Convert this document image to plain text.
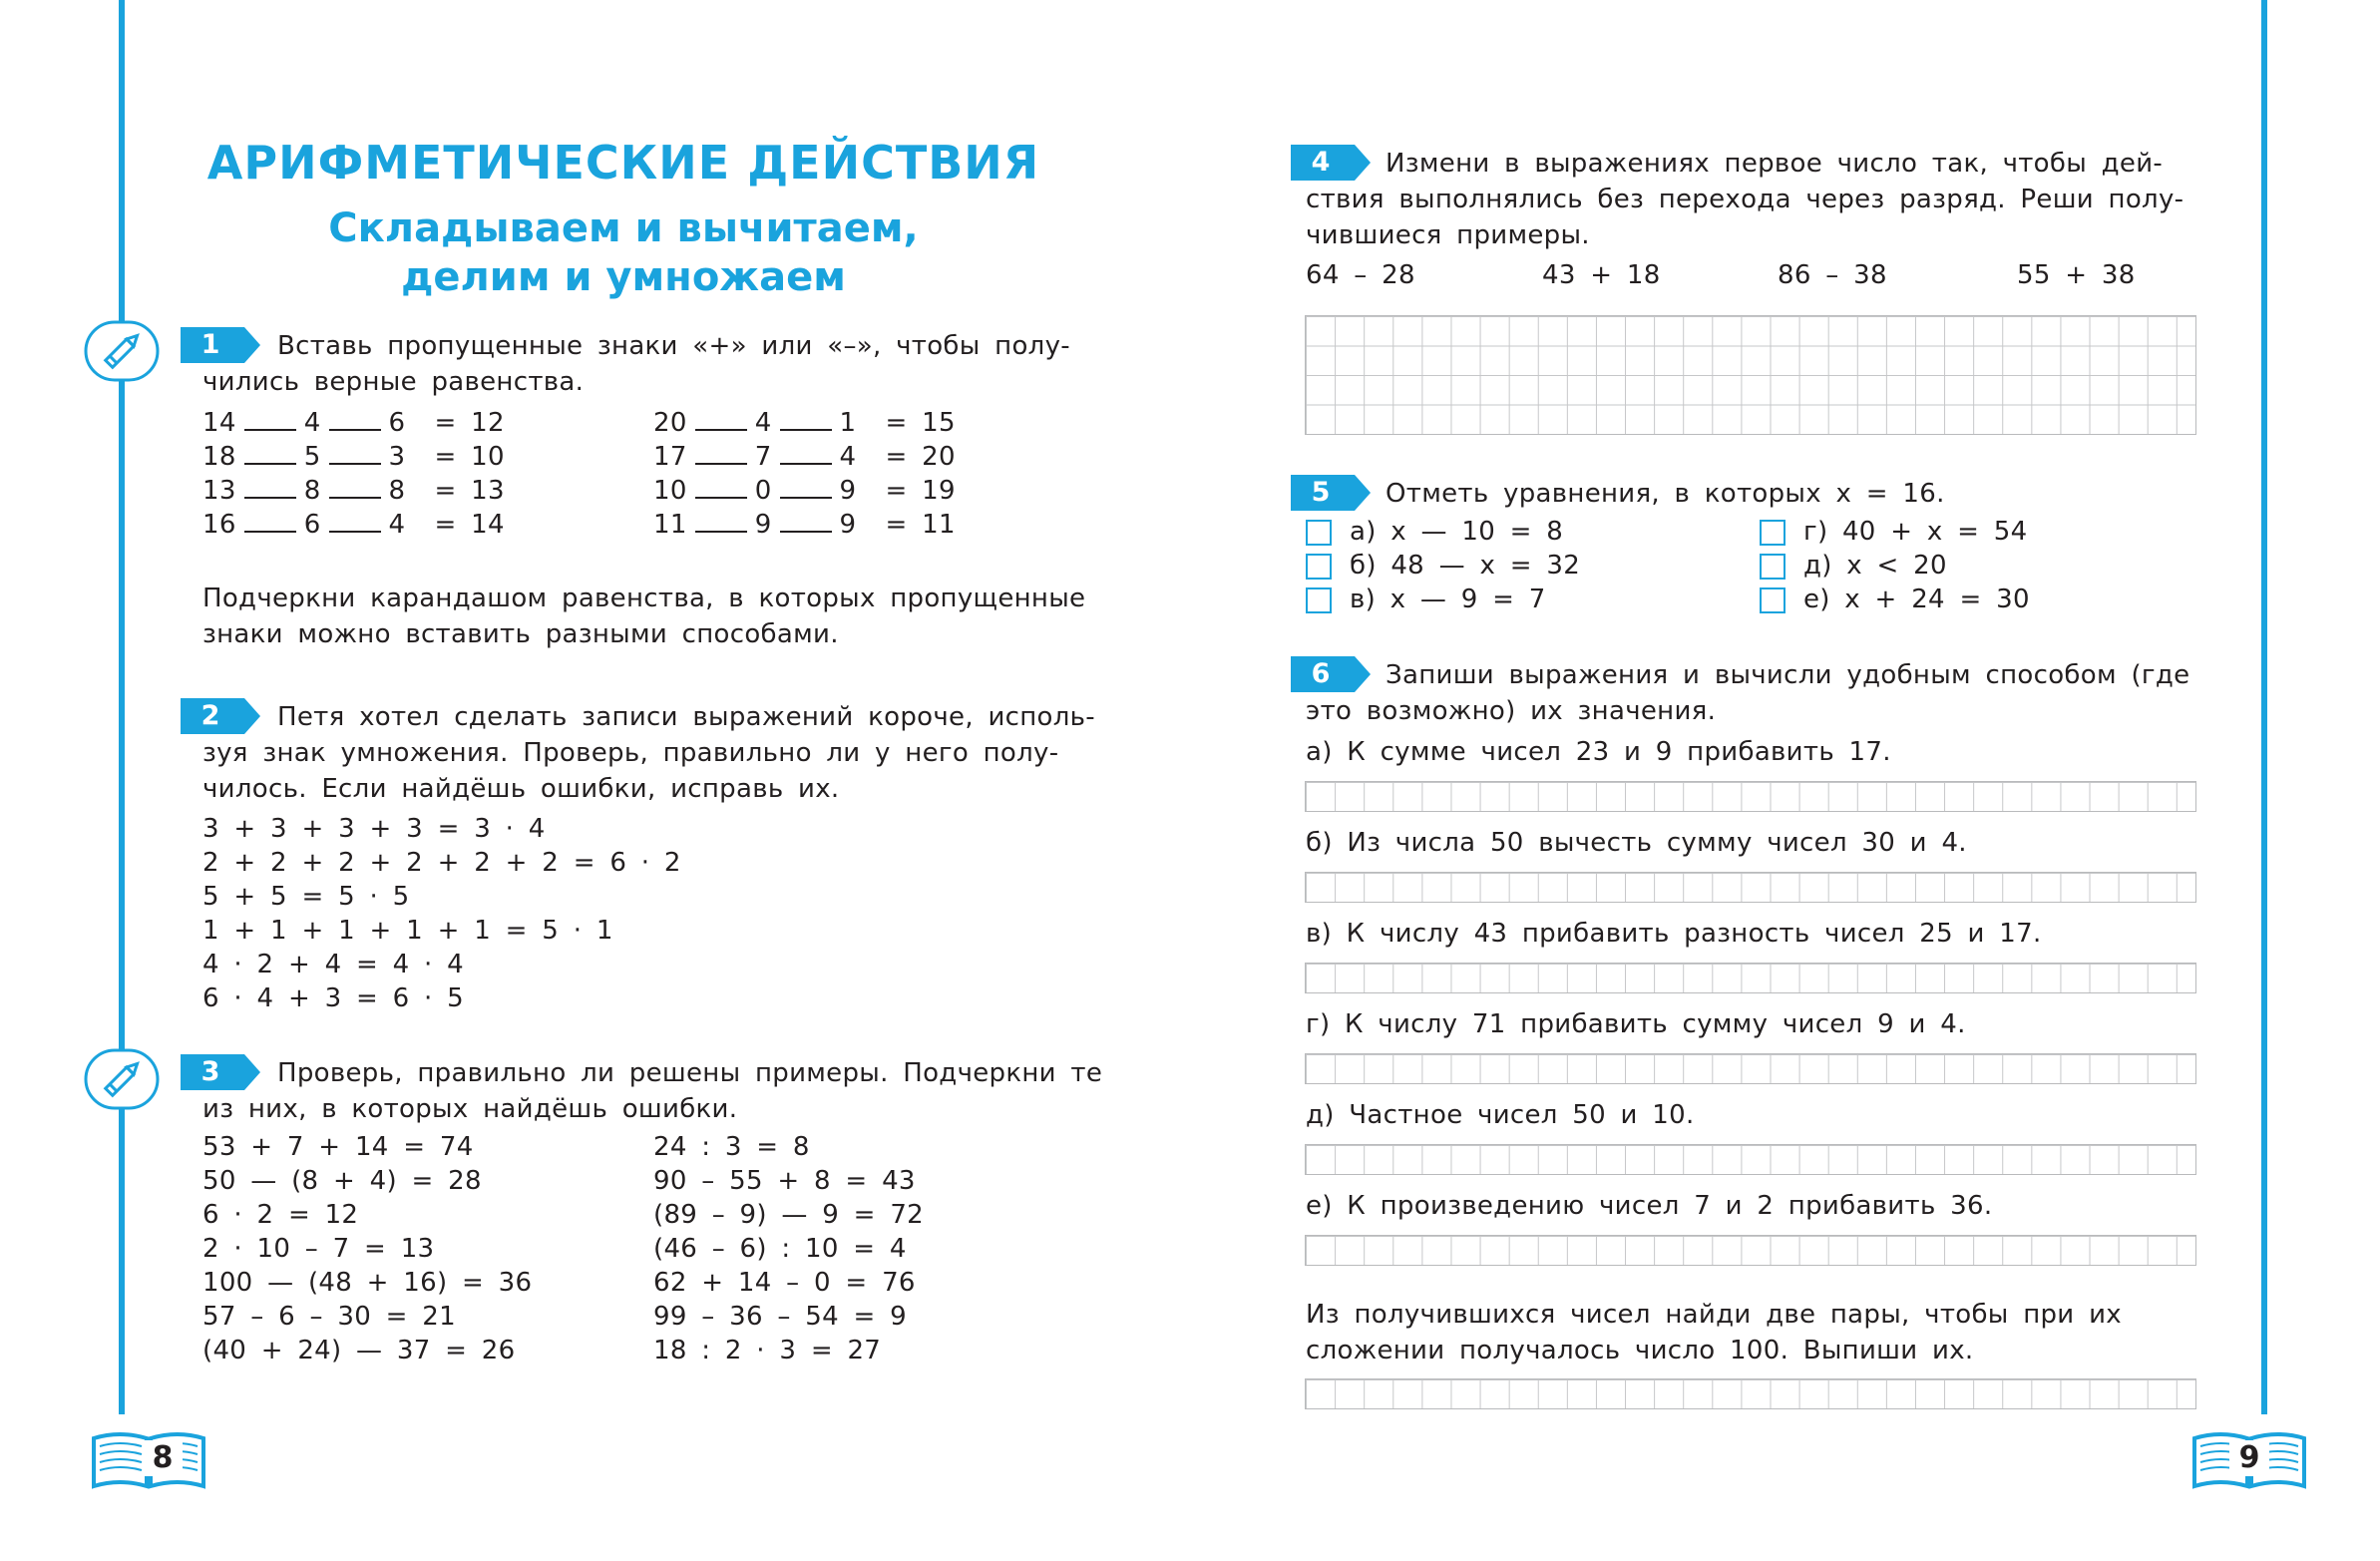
АРИФМЕТИЧЕСКИЕ ДЕЙСТВИЯ
Складываем и вычитаем,
делим и умножаем
1	Вставь пропущенные знаки «+» или «–», чтобы полу-
чились верные равенства.
14	4	6 = 12
18	5	3 = 10
13	8	8 = 13
16	6	4 = 14
20	4	1 = 15
17	7	4 = 20
10	0	9 = 19
11	9	9 = 11
Подчеркни карандашом равенства, в которых пропущенные
знаки можно вставить разными способами.
2	Петя хотел сделать записи выражений короче, исполь-
зуя знак умножения. Проверь, правильно ли у него полу-
чилось. Если найдёшь ошибки, исправь их.
3 + 3 + 3 + 3 = 3 · 4
2 + 2 + 2 + 2 + 2 + 2 = 6 · 2
5 + 5 = 5 · 5
1 + 1 + 1 + 1 + 1 = 5 · 1
4 · 2 + 4 = 4 · 4
6 · 4 + 3 = 6 · 5
3	Проверь, правильно ли решены примеры. Подчеркни те
из них, в которых найдёшь ошибки.
53 + 7 + 14 = 74
50 — (8 + 4) = 28
6 · 2 = 12
2 · 10 – 7 = 13
100 — (48 + 16) = 36
57 – 6 – 30 = 21
(40 + 24) — 37 = 26
24 : 3 = 8
90 – 55 + 8 = 43
(89 – 9) — 9 = 72
(46 – 6) : 10 = 4
62 + 14 – 0 = 76
99 – 36 – 54 = 9
18 : 2 · 3 = 27
8
4	Измени в выражениях первое число так, чтобы дей-
ствия выполнялись без перехода через разряд. Реши полу-
чившиеся примеры.
64 – 28	43 + 18	86 – 38	55 + 38
5	Отметь уравнения, в которых x = 16.
а) x — 10 = 8
б) 48 — x = 32
в) x — 9 = 7
г) 40 + x = 54
д) x < 20
е) x + 24 = 30
6	Запиши выражения и вычисли удобным способом (где
это возможно) их значения.
а) К сумме чисел 23 и 9 прибавить 17.
б) Из числа 50 вычесть сумму чисел 30 и 4.
в) К числу 43 прибавить разность чисел 25 и 17.
г) К числу 71 прибавить сумму чисел 9 и 4.
д) Частное чисел 50 и 10.
е) К произведению чисел 7 и 2 прибавить 36.
Из получившихся чисел найди две пары, чтобы при их
сложении получалось число 100. Выпиши их.
9
